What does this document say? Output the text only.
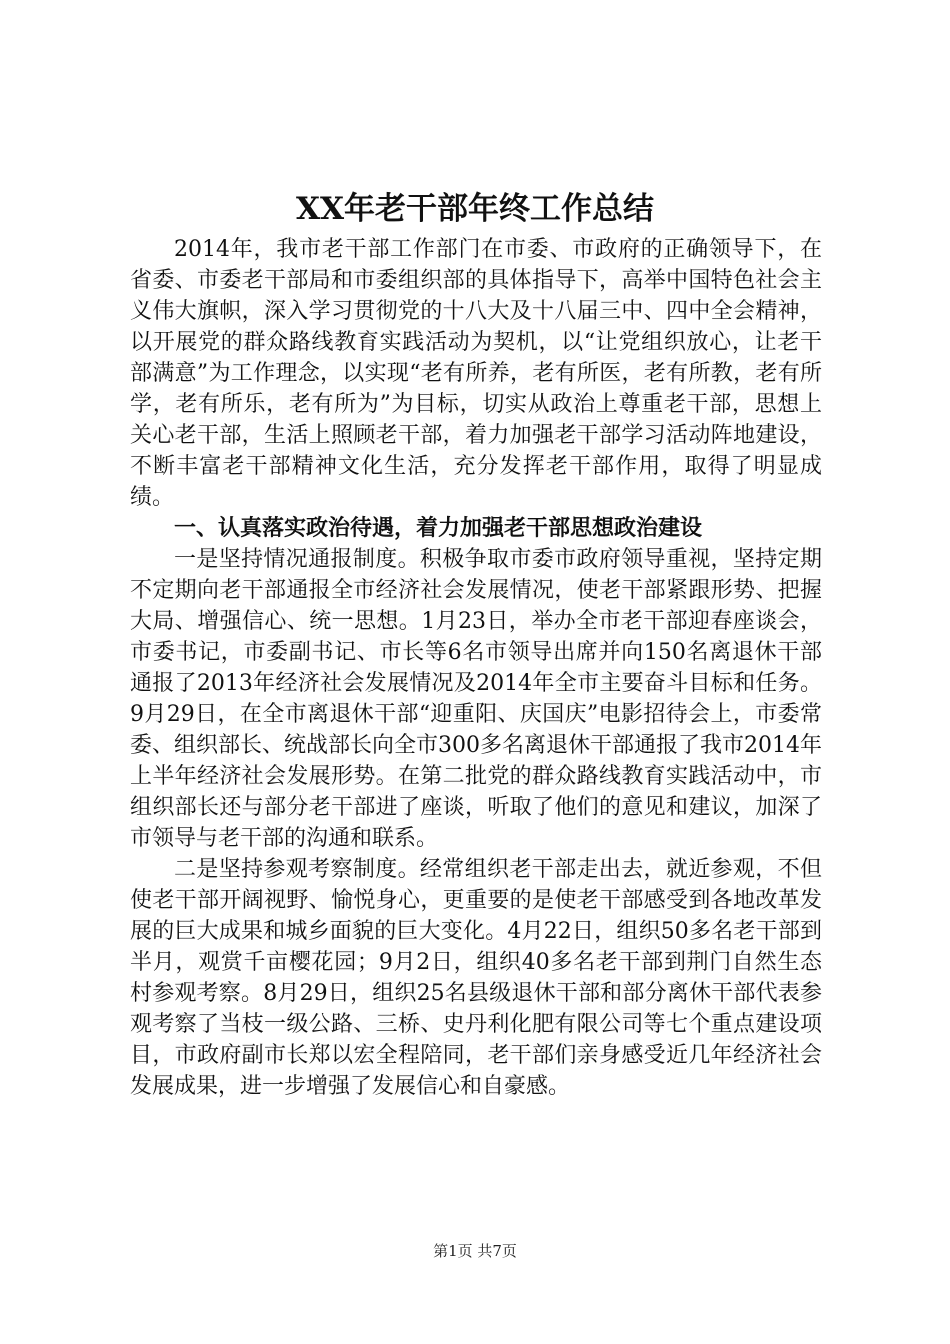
XX年老干部年终工作总结

2014年，我市老干部工作部门在市委、市政府的正确领导下，在省委、市委老干部局和市委组织部的具体指导下，高举中国特色社会主义伟大旗帜，深入学习贯彻党的十八大及十八届三中、四中全会精神，以开展党的群众路线教育实践活动为契机，以“让党组织放心，让老干部满意”为工作理念，以实现“老有所养，老有所医，老有所教，老有所学，老有所乐，老有所为”为目标，切实从政治上尊重老干部，思想上关心老干部，生活上照顾老干部，着力加强老干部学习活动阵地建设，不断丰富老干部精神文化生活，充分发挥老干部作用，取得了明显成绩。

一、认真落实政治待遇，着力加强老干部思想政治建设

一是坚持情况通报制度。积极争取市委市政府领导重视，坚持定期不定期向老干部通报全市经济社会发展情况，使老干部紧跟形势、把握大局、增强信心、统一思想。1月23日，举办全市老干部迎春座谈会，市委书记，市委副书记、市长等6名市领导出席并向150名离退休干部通报了2013年经济社会发展情况及2014年全市主要奋斗目标和任务。9月29日，在全市离退休干部“迎重阳、庆国庆”电影招待会上，市委常委、组织部长、统战部长向全市300多名离退休干部通报了我市2014年上半年经济社会发展形势。在第二批党的群众路线教育实践活动中，市组织部长还与部分老干部进了座谈，听取了他们的意见和建议，加深了市领导与老干部的沟通和联系。

二是坚持参观考察制度。经常组织老干部走出去，就近参观，不但使老干部开阔视野、愉悦身心，更重要的是使老干部感受到各地改革发展的巨大成果和城乡面貌的巨大变化。4月22日，组织50多名老干部到半月，观赏千亩樱花园；9月2日，组织40多名老干部到荆门自然生态村参观考察。8月29日，组织25名县级退休干部和部分离休干部代表参观考察了当枝一级公路、三桥、史丹利化肥有限公司等七个重点建设项目，市政府副市长郑以宏全程陪同，老干部们亲身感受近几年经济社会发展成果，进一步增强了发展信心和自豪感。

第1页 共7页
